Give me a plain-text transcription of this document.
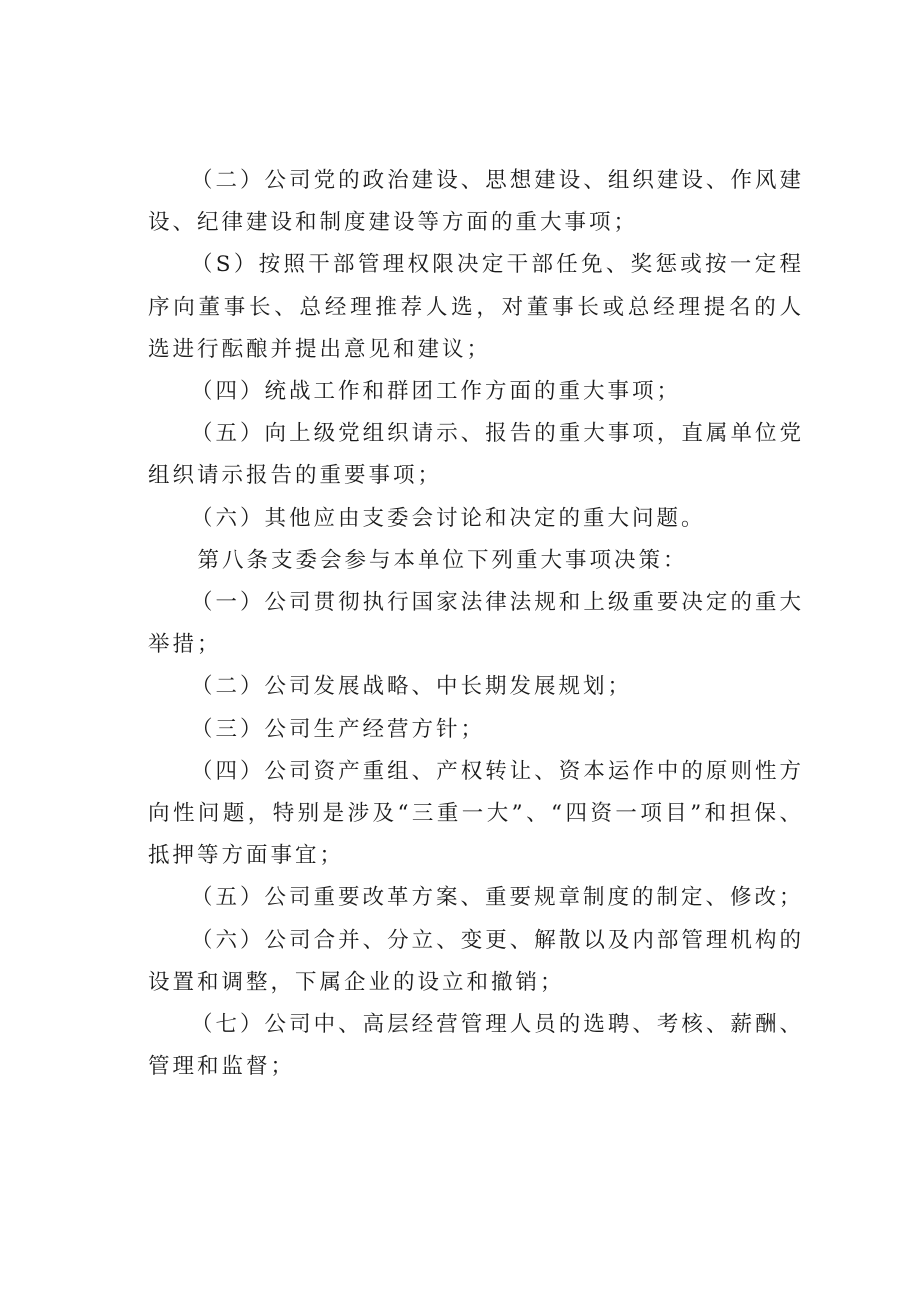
（二）公司党的政治建设、思想建设、组织建设、作风建设、纪律建设和制度建设等方面的重大事项；

（S）按照干部管理权限决定干部任免、奖惩或按一定程序向董事长、总经理推荐人选，对董事长或总经理提名的人选进行酝酿并提出意见和建议；

（四）统战工作和群团工作方面的重大事项；

（五）向上级党组织请示、报告的重大事项，直属单位党组织请示报告的重要事项；

（六）其他应由支委会讨论和决定的重大问题。

第八条支委会参与本单位下列重大事项决策：

（一）公司贯彻执行国家法律法规和上级重要决定的重大举措；

（二）公司发展战略、中长期发展规划；

（三）公司生产经营方针；

（四）公司资产重组、产权转让、资本运作中的原则性方向性问题，特别是涉及“三重一大”、“四资一项目”和担保、抵押等方面事宜；

（五）公司重要改革方案、重要规章制度的制定、修改；

（六）公司合并、分立、变更、解散以及内部管理机构的设置和调整，下属企业的设立和撤销；

（七）公司中、高层经营管理人员的选聘、考核、薪酬、管理和监督；
